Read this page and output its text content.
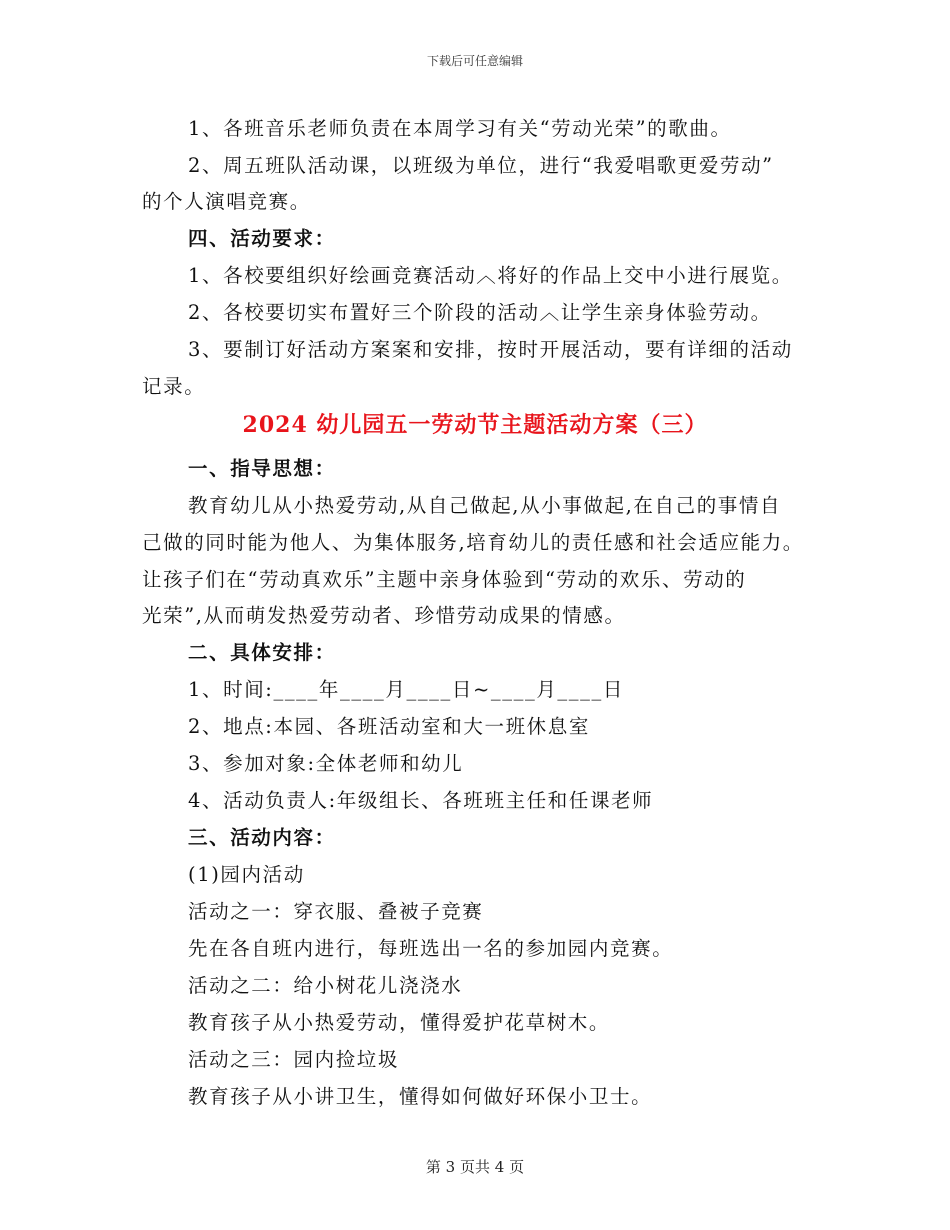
下载后可任意编辑
1、各班音乐老师负责在本周学习有关“劳动光荣”的歌曲。
2、周五班队活动课，以班级为单位，进行“我爱唱歌更爱劳动”
的个人演唱竞赛。
四、活动要求：
1、各校要组织好绘画竞赛活动︿将好的作品上交中小进行展览。
2、各校要切实布置好三个阶段的活动︿让学生亲身体验劳动。
3、要制订好活动方案案和安排，按时开展活动，要有详细的活动
记录。
2024 幼儿园五一劳动节主题活动方案（三）
一、指导思想：
教育幼儿从小热爱劳动,从自己做起,从小事做起,在自己的事情自
己做的同时能为他人、为集体服务,培育幼儿的责任感和社会适应能力。
让孩子们在“劳动真欢乐”主题中亲身体验到“劳动的欢乐、劳动的
光荣”,从而萌发热爱劳动者、珍惜劳动成果的情感。
二、具体安排：
1、时间:____年____月____日~____月____日
2、地点:本园、各班活动室和大一班休息室
3、参加对象:全体老师和幼儿
4、活动负责人:年级组长、各班班主任和任课老师
三、活动内容：
(1)园内活动
活动之一：穿衣服、叠被子竞赛
先在各自班内进行，每班选出一名的参加园内竞赛。
活动之二：给小树花儿浇浇水
教育孩子从小热爱劳动，懂得爱护花草树木。
活动之三：园内捡垃圾
教育孩子从小讲卫生，懂得如何做好环保小卫士。
第 3 页共 4 页
